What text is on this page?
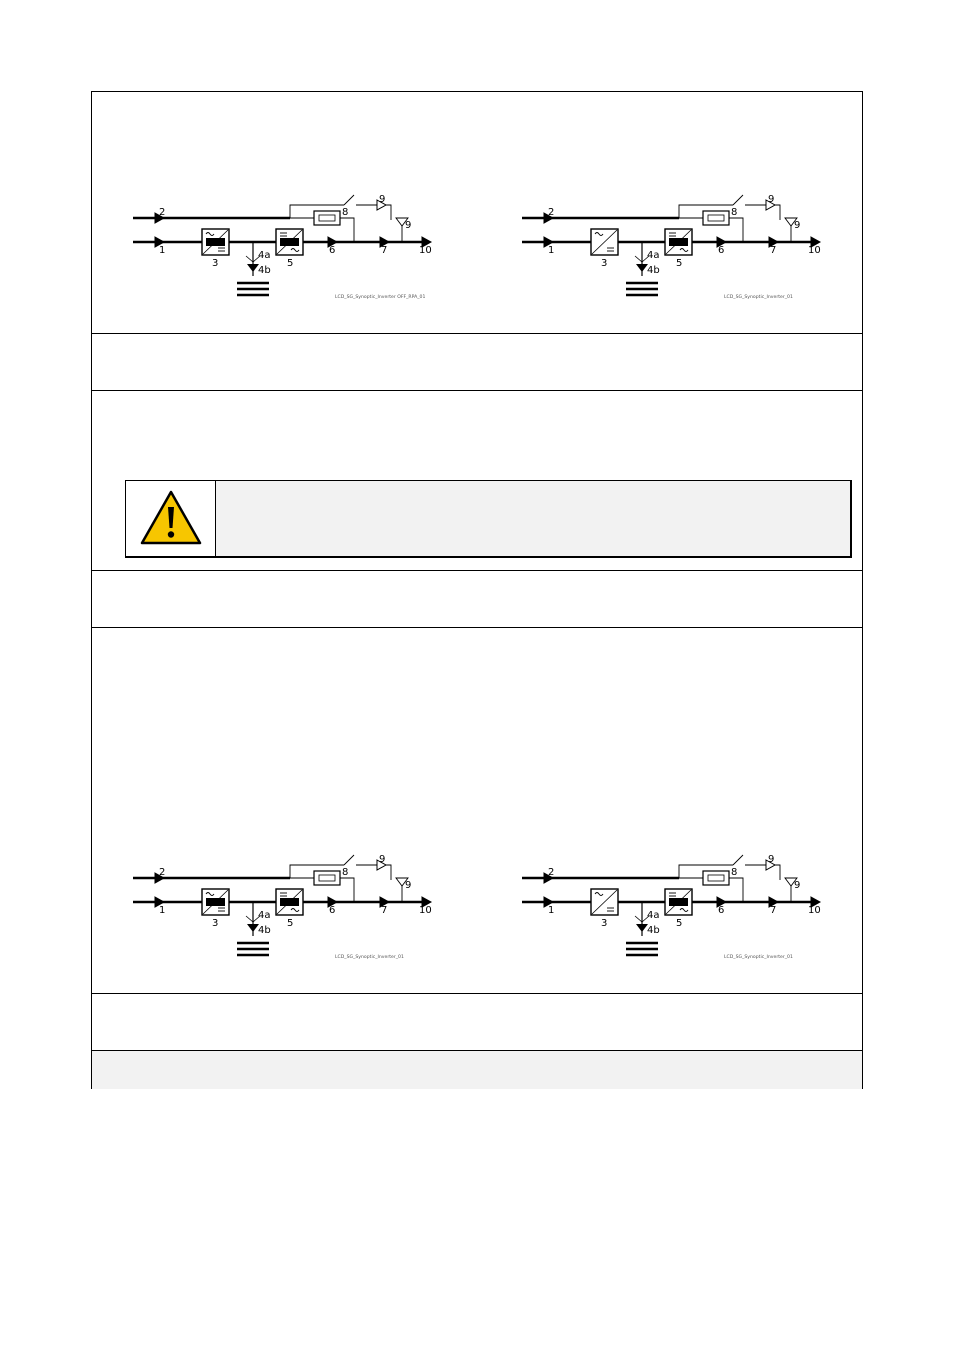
2
1
3
4a
4b
5
6	7
8
9
9
10
LCD_SG_Synoptic_Inverter OFF_RPA_01
2
1
3
4a
4b
5
6	7
8
9
9
10
LCD_SG_Synoptic_Inverter_01
2
1
3
4a
4b
5
6	7
8
9
9
10
LCD_SG_Synoptic_Inverter_01
2
1
3
4a
4b
5
6	7
8
9
9
10
LCD_SG_Synoptic_Inverter_01
